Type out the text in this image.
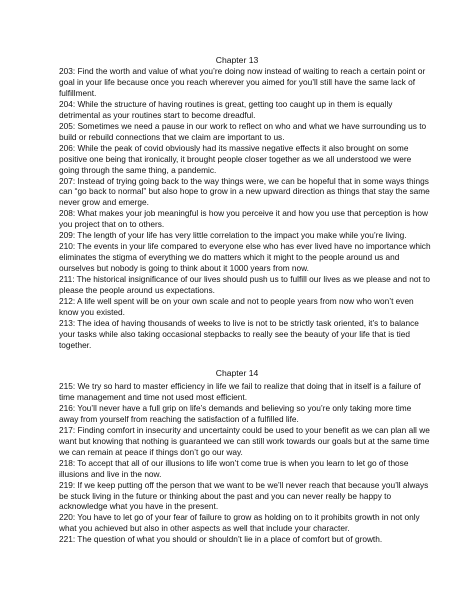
Chapter 13

203: Find the worth and value of what you’re doing now instead of waiting to reach a certain point or goal in your life because once you reach wherever you aimed for you’ll still have the same lack of fulfillment.

204: While the structure of having routines is great, getting too caught up in them is equally detrimental as your routines start to become dreadful.

205: Sometimes we need a pause in our work to reflect on who and what we have surrounding us to build or rebuild connections that we claim are important to us.

206: While the peak of covid obviously had its massive negative effects it also brought on some positive one being that ironically, it brought people closer together as we all understood we were going through the same thing, a pandemic.

207: Instead of trying going back to the way things were, we can be hopeful that in some ways things can “go back to normal” but also hope to grow in a new upward direction as things that stay the same never grow and emerge.

208: What makes your job meaningful is how you perceive it and how you use that perception is how you project that on to others.

209: The length of your life has very little correlation to the impact you make while you’re living.

210: The events in your life compared to everyone else who has ever lived have no importance which eliminates the stigma of everything we do matters which it might to the people around us and ourselves but nobody is going to think about it 1000 years from now.

211: The historical insignificance of our lives should push us to fulfill our lives as we please and not to please the people around us expectations.

212: A life well spent will be on your own scale and not to people years from now who won’t even know you existed.

213: The idea of having thousands of weeks to live is not to be strictly task oriented, it’s to balance your tasks while also taking occasional stepbacks to really see the beauty of your life that is tied together.

Chapter 14

215: We try so hard to master efficiency in life we fail to realize that doing that in itself is a failure of time management and time not used most efficient.

216: You’ll never have a full grip on life’s demands and believing so you’re only taking more time away from yourself from reaching the satisfaction of a fulfilled life.

217: Finding comfort in insecurity and uncertainty could be used to your benefit as we can plan all we want but knowing that nothing is guaranteed we can still work towards our goals but at the same time we can remain at peace if things don’t go our way.

218: To accept that all of our illusions to life won’t come true is when you learn to let go of those illusions and live in the now.

219: If we keep putting off the person that we want to be we’ll never reach that because you’ll always be stuck living in the future or thinking about the past and you can never really be happy to acknowledge what you have in the present.

220: You have to let go of your fear of failure to grow as holding on to it prohibits growth in not only what you achieved but also in other aspects as well that include your character.

221: The question of what you should or shouldn’t lie in a place of comfort but of growth.
